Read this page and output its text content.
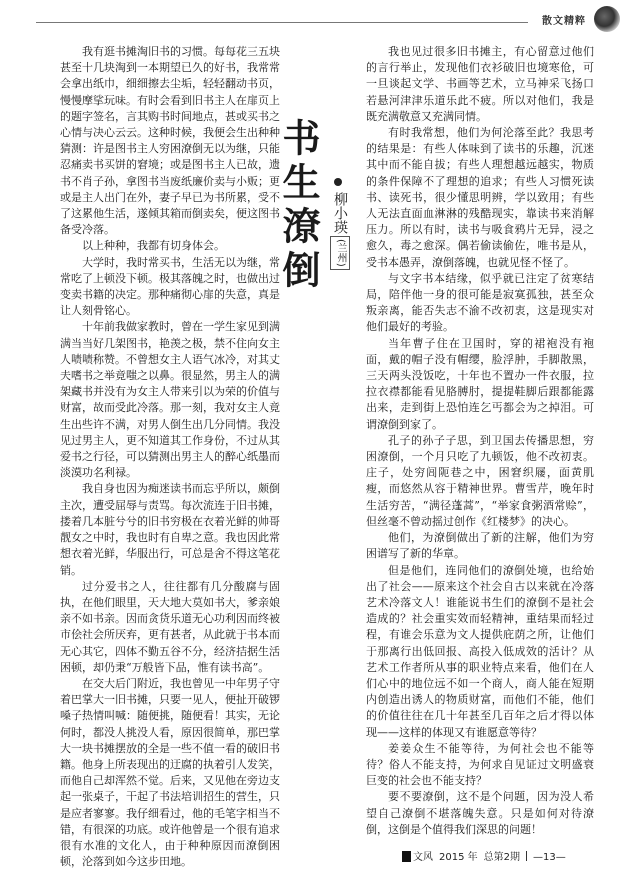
散文精粹

我有逛书摊淘旧书的习惯。每每花三五块甚至十几块淘到一本期望已久的好书，我常常会拿出纸巾，细细擦去尘垢，轻轻翻动书页，慢慢摩挲玩味。有时会看到旧书主人在扉页上的题字签名，言其购书时间地点，甚或买书之心情与决心云云。这种时候，我便会生出种种猜测：许是图书主人穷困潦倒无以为继，只能忍痛卖书买饼的窘境；或是图书主人已故，遗书不肖子孙，拿图书当废纸廉价卖与小贩；更或是主人出门在外，妻子早已为书所累，受不了这累他生活，遂倾其箱而倒卖矣，便这图书备受冷落。

以上种种，我都有切身体会。

大学时，我时常买书，生活无以为继，常常吃了上顿没下顿。极其落魄之时，也做出过变卖书籍的决定。那种痛彻心扉的失意，真是让人刻骨铭心。

十年前我做家教时，曾在一学生家见到满满当当好几架图书，艳羡之极，禁不住向女主人啧啧称赞。不曾想女主人语气冰冷，对其丈夫嗜书之举竟嗤之以鼻。很显然，男主人的满架藏书并没有为女主人带来引以为荣的价值与财富，故而受此冷落。那一刻，我对女主人竟生出些许不满，对男人倒生出几分同情。我没见过男主人，更不知道其工作身份，不过从其爱书之行径，可以猜测出男主人的醉心纸墨而淡漠功名利禄。

我自身也因为痴迷读书而忘乎所以，颇倒主次，遭受屈辱与责骂。每次流连于旧书摊，搂着几本脏兮兮的旧书穷极在衣着光鲜的帅哥靓女之中时，我也时有自卑之意。我也因此常想衣着光鲜，华服出行，可总是舍不得这笔花销。

过分爱书之人，往往都有几分酸腐与固执，在他们眼里，天大地大莫如书大，爹亲娘亲不如书亲。因而贪货乐道无心功利因而终被市侩社会所厌弃，更有甚者，从此就于书本而无心其它，四体不勤五谷不分，经济拮据生活困顿，却仍秉“万般皆下品，惟有读书高”。

在交大后门附近，我也曾见一中年男子守着巴掌大一旧书摊，只要一见人，便扯开破锣嗓子热情叫喊：随便挑，随便看！其实，无论何时，都没人挑没人看，原因很简单，那巴掌大一块书摊摆放的全是一些不值一看的破旧书籍。他身上所表现出的迂腐的执着引人发笑，而他自己却浑然不觉。后来，又见他在旁边支起一张桌子，干起了书法培训招生的营生，只是应者寥寥。我仔细看过，他的毛笔字相当不错，有很深的功底。或许他曾是一个很有追求很有水准的文化人，由于种种原因而潦倒困顿，沦落到如今这步田地。

书生潦倒 柳小瑛(兰州)

我也见过很多旧书摊主，有心留意过他们的言行举止，发现他们衣衫破旧也境寒伧，可一旦谈起文学、书画等艺术，立马神采飞扬口若悬河津津乐道乐此不疲。所以对他们，我是既充满敬意又充满同情。

有时我常想，他们为何沦落至此？我思考的结果是：有些人体味到了读书的乐趣，沉迷其中而不能自拔；有些人理想越远越实，物质的条件保障不了理想的追求；有些人习惯死读书、读死书，很少懂思明辨，学以致用；有些人无法直面血淋淋的残酷现实，靠读书来消解压力。所以有时，读书与吸食鸦片无异，浸之愈久，毒之愈深。偶若偷读偷佐，唯书是从，受书本愚弄，潦倒落魄，也就见怪不怪了。

与文字书本结缘，似乎就已注定了贫寒结局，陪伴他一身的很可能是寂寞孤独，甚至众叛亲离，能否失志不渝不改初衷，这是现实对他们最好的考验。

当年曹子住在卫国时，穿的裙袍没有袍面，戴的帽子没有帽缨，脸浮肿，手脚散黑，三天两头没饭吃，十年也不置办一件衣服，拉拉衣襟都能看见胳膊肘，提提鞋脚后跟都能露出来，走到街上恐怕连乞丐都会为之掉泪。可谓潦倒到家了。

孔子的孙子子思，到卫国去传播思想，穷困潦倒，一个月只吃了九顿饭，他不改初衷。庄子，处穷闾阨巷之中，困窘织屦，面黄肌瘦，而悠然从容于精神世界。曹雪芹，晚年时生活穷苦，“满径蓬蒿”，“举家食粥酒常赊”，但丝毫不曾动摇过创作《红楼梦》的决心。

他们，为潦倒做出了新的注解，他们为穷困谱写了新的华章。

但是他们，连同他们的潦倒处境，也给始出了社会——原来这个社会自古以来就在冷落艺术冷落文人！谁能说书生们的潦倒不是社会造成的？社会重实效而轻精神，重结果而轻过程，有谁会乐意为文人提供庇荫之所，让他们于那离行出低回报、高投入低成效的活计？从艺术工作者所从事的职业特点来看，他们在人们心中的地位远不如一个商人，商人能在短期内创造出诱人的物质财富，而他们不能，他们的价值往往在几十年甚至几百年之后才得以体现——这样的体现又有谁愿意等待？

姜姜众生不能等待，为何社会也不能等待？俗人不能支持，为何求自见证过文明盛衰巨变的社会也不能支持？

要不要潦倒，这不是个问题，因为没人希望自己潦倒不堪落魄失意。只是如何对待潦倒，这倒是个值得我们深思的问题！

文风 2015 年 总第2期 —13—
